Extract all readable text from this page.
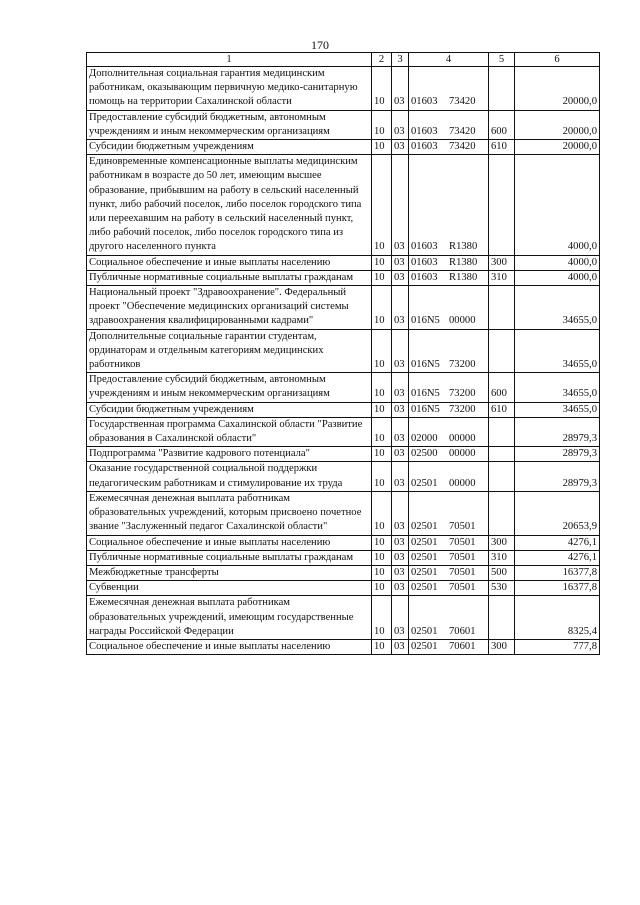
170
1	2	3	4	5	6
Дополнительная социальная гарантия медицинским работникам, оказывающим первичную медико-санитарную помощь на территории Сахалинской области	10	03	01603 73420		20000,0
Предоставление субсидий бюджетным, автономным учреждениям и иным некоммерческим организациям	10	03	01603 73420	600	20000,0
Субсидии бюджетным учреждениям	10	03	01603 73420	610	20000,0
Единовременные компенсационные выплаты медицинским работникам в возрасте до 50 лет, имеющим высшее образование, прибывшим на работу в сельский населенный пункт, либо рабочий поселок, либо поселок городского типа или переехавшим на работу в сельский населенный пункт, либо рабочий поселок, либо поселок городского типа из другого населенного пункта	10	03	01603 R1380		4000,0
Социальное обеспечение и иные выплаты населению	10	03	01603 R1380	300	4000,0
Публичные нормативные социальные выплаты гражданам	10	03	01603 R1380	310	4000,0
Национальный проект "Здравоохранение". Федеральный проект "Обеспечение медицинских организаций системы здравоохранения квалифицированными кадрами"	10	03	016N5 00000		34655,0
Дополнительные социальные гарантии студентам, ординаторам и отдельным категориям медицинских работников	10	03	016N5 73200		34655,0
Предоставление субсидий бюджетным, автономным учреждениям и иным некоммерческим организациям	10	03	016N5 73200	600	34655,0
Субсидии бюджетным учреждениям	10	03	016N5 73200	610	34655,0
Государственная программа Сахалинской области "Развитие образования в Сахалинской области"	10	03	02000 00000		28979,3
Подпрограмма "Развитие кадрового потенциала"	10	03	02500 00000		28979,3
Оказание государственной социальной поддержки педагогическим работникам и стимулирование их труда	10	03	02501 00000		28979,3
Ежемесячная денежная выплата работникам образовательных учреждений, которым присвоено почетное звание "Заслуженный педагог Сахалинской области"	10	03	02501 70501		20653,9
Социальное обеспечение и иные выплаты населению	10	03	02501 70501	300	4276,1
Публичные нормативные социальные выплаты гражданам	10	03	02501 70501	310	4276,1
Межбюджетные трансферты	10	03	02501 70501	500	16377,8
Субвенции	10	03	02501 70501	530	16377,8
Ежемесячная денежная выплата работникам образовательных учреждений, имеющим государственные награды Российской Федерации	10	03	02501 70601		8325,4
Социальное обеспечение и иные выплаты населению	10	03	02501 70601	300	777,8
